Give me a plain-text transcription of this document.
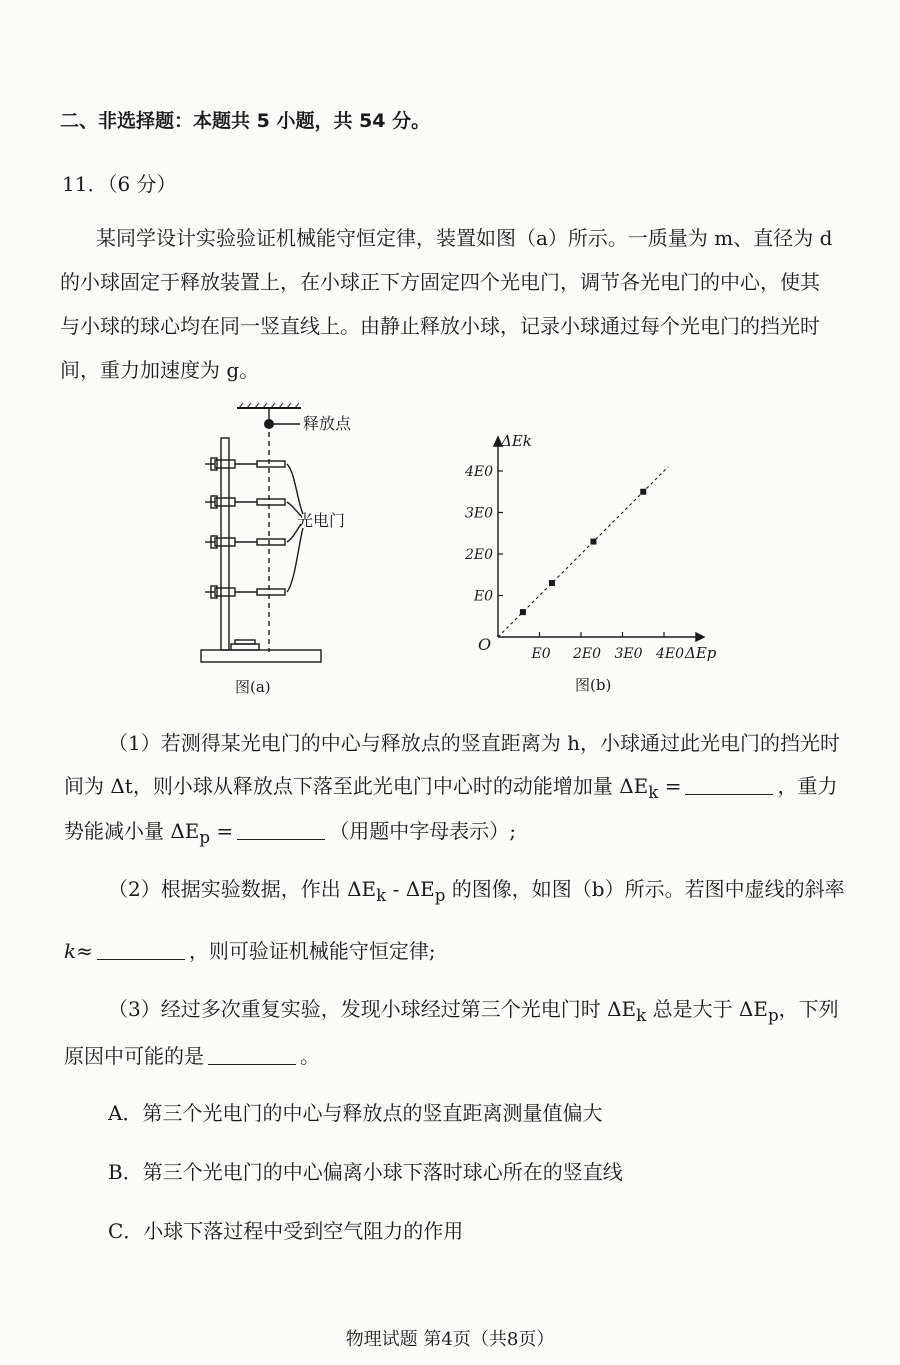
二、非选择题：本题共 5 小题，共 54 分。
11．（6 分）
某同学设计实验验证机械能守恒定律，装置如图（a）所示。一质量为 m、直径为 d
的小球固定于释放装置上，在小球正下方固定四个光电门，调节各光电门的中心，使其
与小球的球心均在同一竖直线上。由静止释放小球，记录小球通过每个光电门的挡光时
间，重力加速度为 g。
释放点
光电门
图(a)
E0 2E0 3E0 4E0
E0
2E0
3E0
4E0
ΔEk
ΔEp
O
图(b)
（1）若测得某光电门的中心与释放点的竖直距离为 h，小球通过此光电门的挡光时
间为 Δt，则小球从释放点下落至此光电门中心时的动能增加量 $\Delta E_k$ =	，重力
势能减小量 $\Delta E_p$ =	（用题中字母表示）;
（2）根据实验数据，作出 $\Delta E_k - \Delta E_p$ 的图像，如图（b）所示。若图中虚线的斜率
k≈	，则可验证机械能守恒定律;
（3）经过多次重复实验，发现小球经过第三个光电门时 $\Delta E_k$ 总是大于 $\Delta E_p$，下列
原因中可能的是	。
A．第三个光电门的中心与释放点的竖直距离测量值偏大
B．第三个光电门的中心偏离小球下落时球心所在的竖直线
C．小球下落过程中受到空气阻力的作用
物理试题 第4页（共8页）
